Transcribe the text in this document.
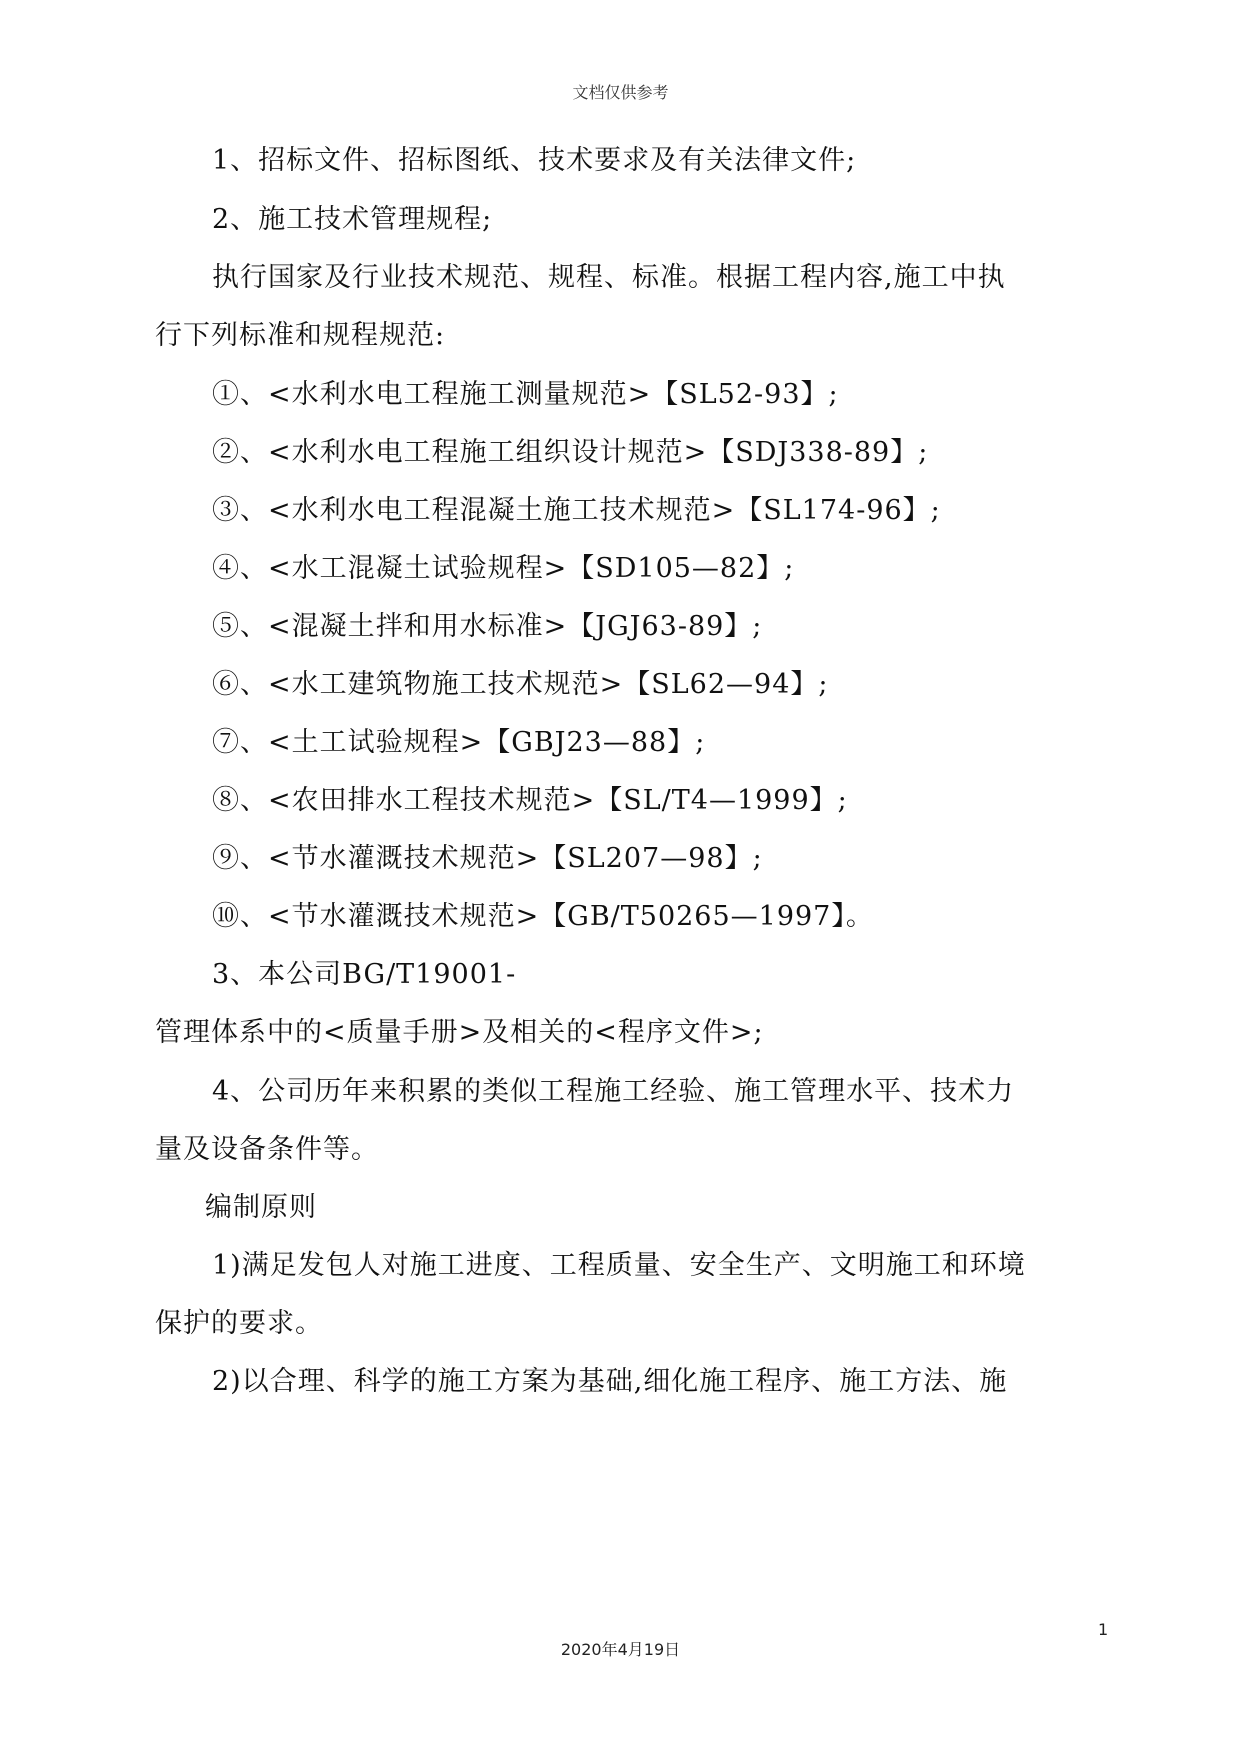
文档仅供参考
1、招标文件、招标图纸、技术要求及有关法律文件;
2、施工技术管理规程;
执行国家及行业技术规范、规程、标准。根据工程内容,施工中执
行下列标准和规程规范:
①、<水利水电工程施工测量规范>【SL52-93】;
②、<水利水电工程施工组织设计规范>【SDJ338-89】;
③、<水利水电工程混凝土施工技术规范>【SL174-96】;
④、<水工混凝土试验规程>【SD105—82】;
⑤、<混凝土拌和用水标准>【JGJ63-89】;
⑥、<水工建筑物施工技术规范>【SL62—94】;
⑦、<土工试验规程>【GBJ23—88】;
⑧、<农田排水工程技术规范>【SL/T4—1999】;
⑨、<节水灌溉技术规范>【SL207—98】;
⑩、<节水灌溉技术规范>【GB/T50265—1997】。
3、本公司BG/T19001-
管理体系中的<质量手册>及相关的<程序文件>;
4、公司历年来积累的类似工程施工经验、施工管理水平、技术力
量及设备条件等。
编制原则
1)满足发包人对施工进度、工程质量、安全生产、文明施工和环境
保护的要求。
2)以合理、科学的施工方案为基础,细化施工程序、施工方法、施
1
2020年4月19日
